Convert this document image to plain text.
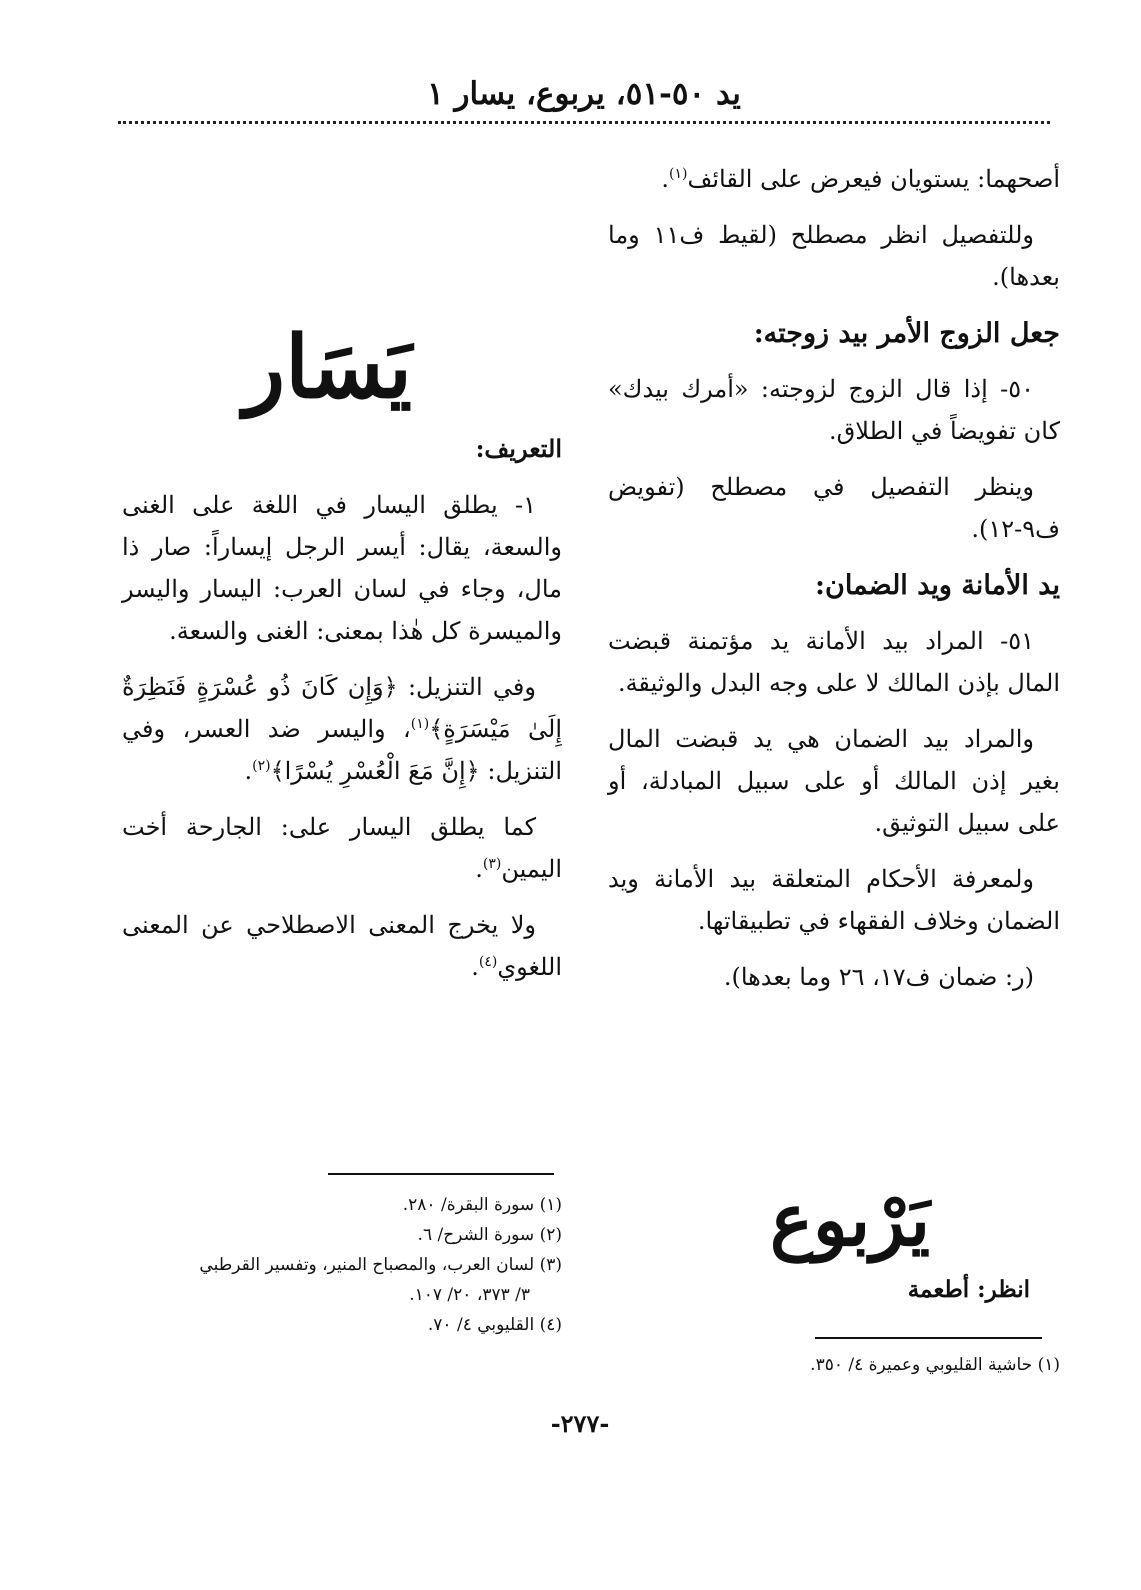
يد ٥٠-٥١، يربوع، يسار ١

أصحهما: يستويان فيعرض على القائف$^{(١)}$.

وللتفصيل انظر مصطلح (لقيط ف١١ وما بعدها).

جعل الزوج الأمر بيد زوجته:

٥٠- إذا قال الزوج لزوجته: «أمرك بيدك» كان تفويضاً في الطلاق.

وينظر التفصيل في مصطلح (تفويض ف٩-١٢).

يد الأمانة ويد الضمان:

٥١- المراد بيد الأمانة يد مؤتمنة قبضت المال بإذن المالك لا على وجه البدل والوثيقة.

والمراد بيد الضمان هي يد قبضت المال بغير إذن المالك أو على سبيل المبادلة، أو على سبيل التوثيق.

ولمعرفة الأحكام المتعلقة بيد الأمانة ويد الضمان وخلاف الفقهاء في تطبيقاتها.

(ر: ضمان ف١٧، ٢٦ وما بعدها).

يَسَار
التعريف:

١- يطلق اليسار في اللغة على الغنى والسعة، يقال: أيسر الرجل إيساراً: صار ذا مال، وجاء في لسان العرب: اليسار واليسر والميسرة كل هٰذا بمعنى: الغنى والسعة.

وفي التنزيل: ﴿وَإِن كَانَ ذُو عُسْرَةٍ فَنَظِرَةٌ إِلَىٰ مَيْسَرَةٍ﴾$^{(١)}$، واليسر ضد العسر، وفي التنزيل: ﴿إِنَّ مَعَ الْعُسْرِ يُسْرًا﴾$^{(٢)}$.

كما يطلق اليسار على: الجارحة أخت اليمين$^{(٣)}$.

ولا يخرج المعنى الاصطلاحي عن المعنى اللغوي$^{(٤)}$.

(١) سورة البقرة/ ٢٨٠.
(٢) سورة الشرح/ ٦.
(٣) لسان العرب، والمصباح المنير، وتفسير القرطبي
٣/ ٣٧٣، ٢٠/ ١٠٧.
(٤) القليوبي ٤/ ٧٠.
يَرْبوع
انظر: أطعمة
(١) حاشية القليوبي وعميرة ٤/ ٣٥٠.
-٢٧٧-
